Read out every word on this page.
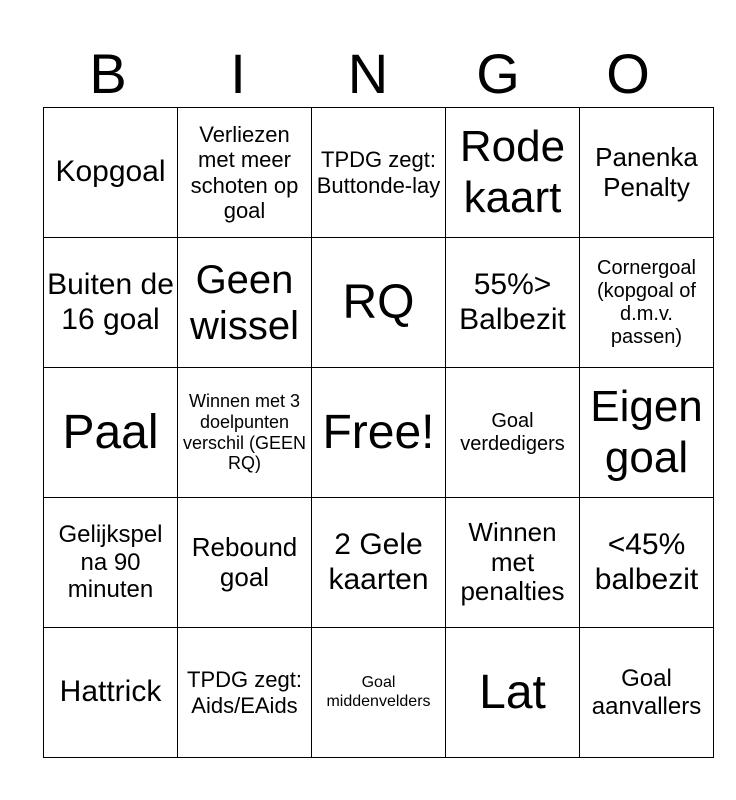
B	I	N	G	O
Kopgoal	Verliezen met meer schoten op goal	TPDG zegt: Buttonde-lay	Rode kaart	Panenka Penalty
Buiten de 16 goal	Geen wissel	RQ	55%> Balbezit	Cornergoal (kopgoal of d.m.v. passen)
Paal	Winnen met 3 doelpunten verschil (GEEN RQ)	Free!	Goal verdedigers	Eigen goal
Gelijkspel na 90 minuten	Rebound goal	2 Gele kaarten	Winnen met penalties	<45% balbezit
Hattrick	TPDG zegt: Aids/EAids	Goal middenvelders	Lat	Goal aanvallers
